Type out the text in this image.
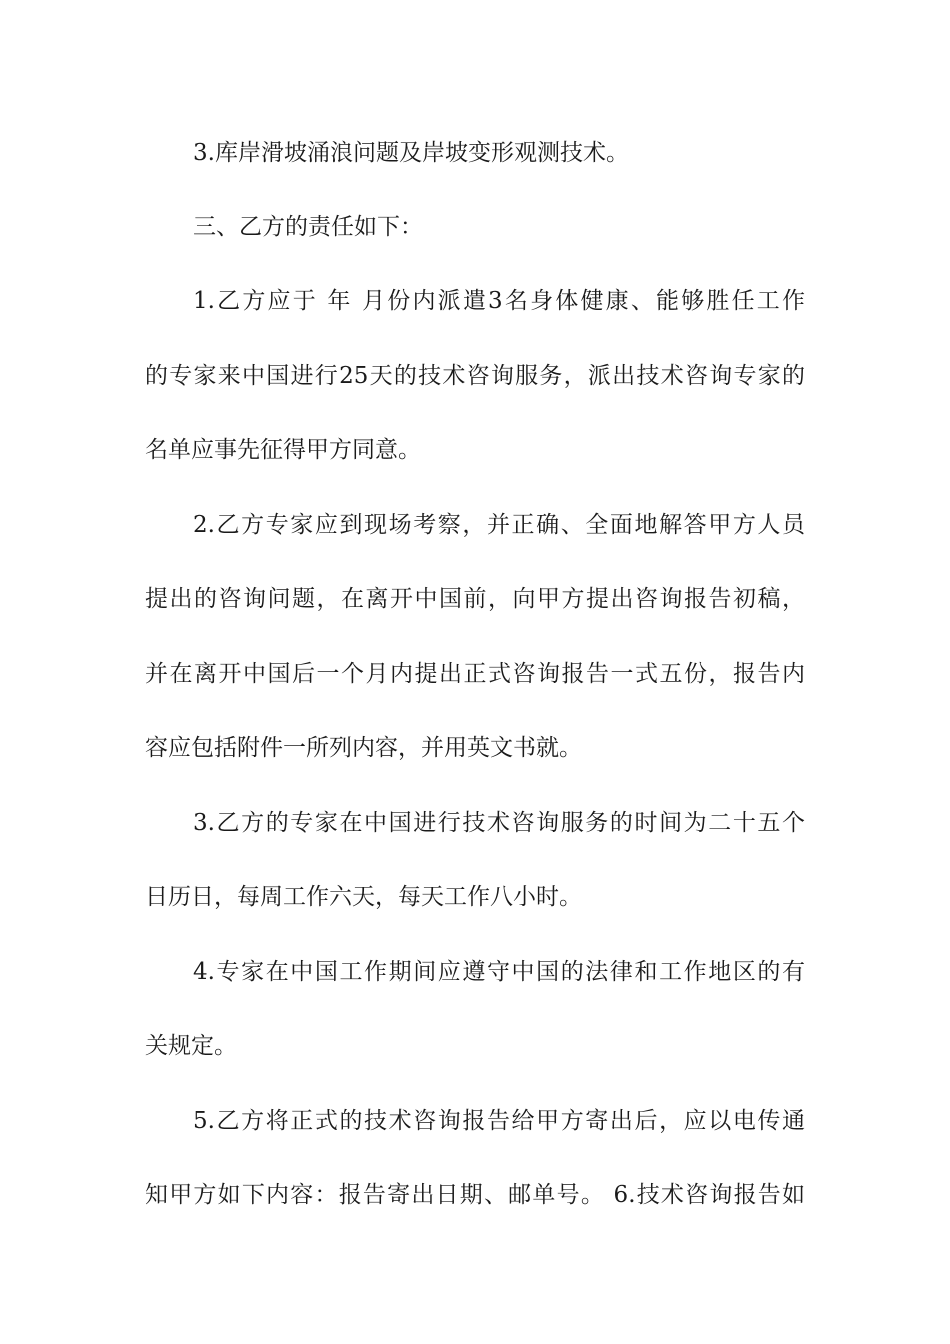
3.库岸滑坡涌浪问题及岸坡变形观测技术。
三、乙方的责任如下：
1.乙方应于 年 月份内派遣3名身体健康、能够胜任工作
的专家来中国进行25天的技术咨询服务，派出技术咨询专家的
名单应事先征得甲方同意。
2.乙方专家应到现场考察，并正确、全面地解答甲方人员
提出的咨询问题，在离开中国前，向甲方提出咨询报告初稿，
并在离开中国后一个月内提出正式咨询报告一式五份，报告内
容应包括附件一所列内容，并用英文书就。
3.乙方的专家在中国进行技术咨询服务的时间为二十五个
日历日，每周工作六天，每天工作八小时。
4.专家在中国工作期间应遵守中国的法律和工作地区的有
关规定。
5.乙方将正式的技术咨询报告给甲方寄出后，应以电传通
知甲方如下内容：报告寄出日期、邮单号。 6.技术咨询报告如
